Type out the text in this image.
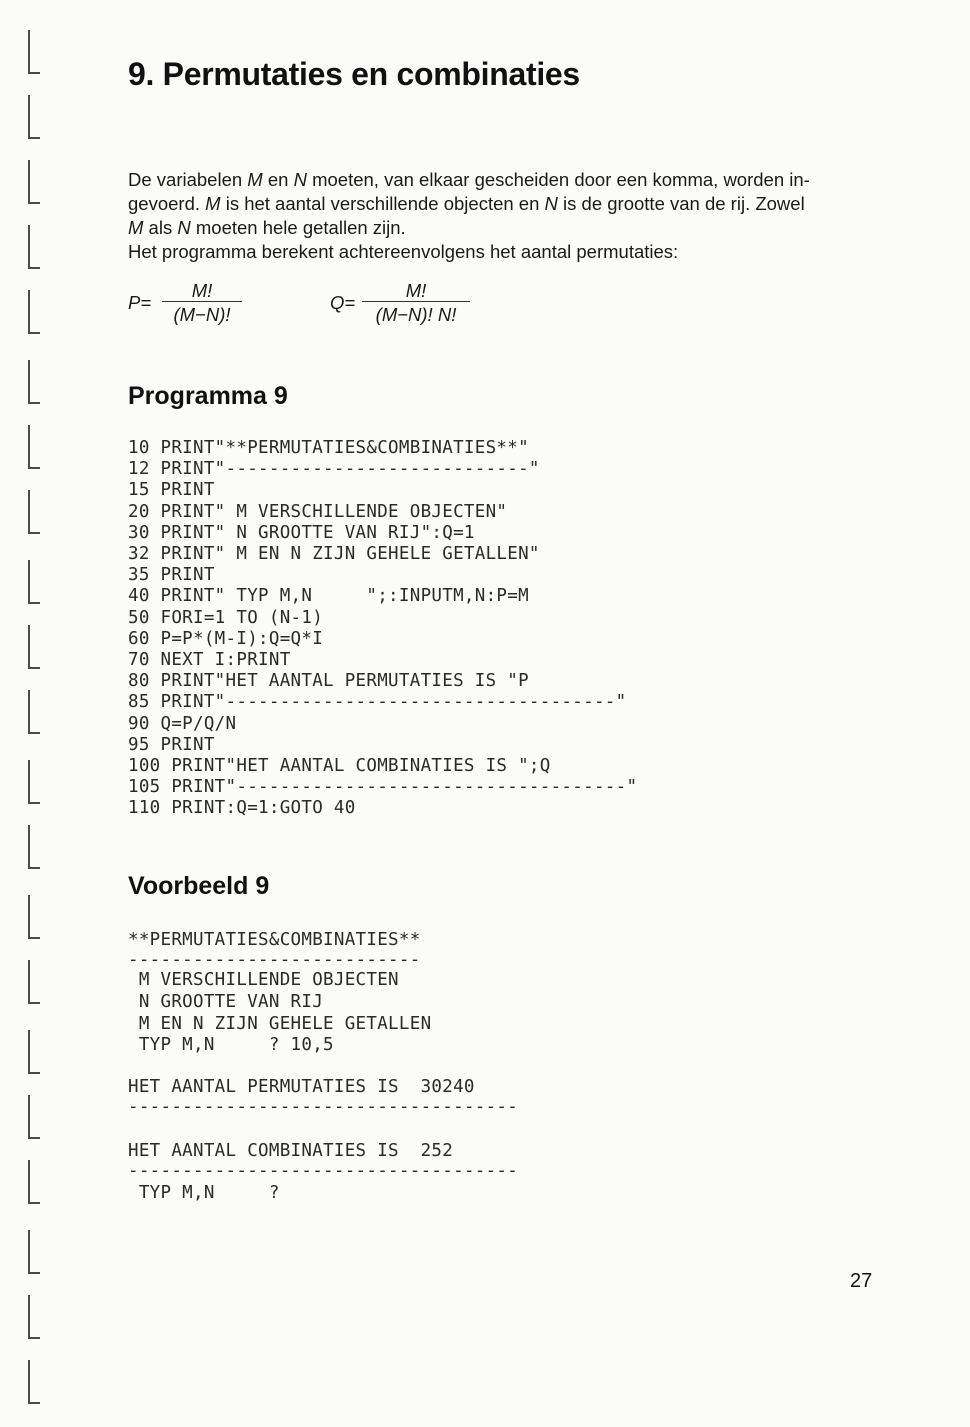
9. Permutaties en combinaties

De variabelen M en N moeten, van elkaar gescheiden door een komma, worden in-

gevoerd. M is het aantal verschillende objecten en N is de grootte van de rij. Zowel

M als N moeten hele getallen zijn.

Het programma berekent achtereenvolgens het aantal permutaties:

P=
M!
(M−N)!
Q=
M!
(M−N)! N!
Programma 9
10 PRINT"**PERMUTATIES&COMBINATIES**"
12 PRINT"----------------------------"
15 PRINT
20 PRINT" M VERSCHILLENDE OBJECTEN"
30 PRINT" N GROOTTE VAN RIJ":Q=1
32 PRINT" M EN N ZIJN GEHELE GETALLEN"
35 PRINT
40 PRINT" TYP M,N     ";:INPUTM,N:P=M
50 FORI=1 TO (N-1)
60 P=P*(M-I):Q=Q*I
70 NEXT I:PRINT
80 PRINT"HET AANTAL PERMUTATIES IS "P
85 PRINT"------------------------------------"
90 Q=P/Q/N
95 PRINT
100 PRINT"HET AANTAL COMBINATIES IS ";Q
105 PRINT"------------------------------------"
110 PRINT:Q=1:GOTO 40
Voorbeeld 9
**PERMUTATIES&COMBINATIES**
---------------------------
M VERSCHILLENDE OBJECTEN
N GROOTTE VAN RIJ
M EN N ZIJN GEHELE GETALLEN
TYP M,N     ? 10,5
HET AANTAL PERMUTATIES IS  30240
------------------------------------
HET AANTAL COMBINATIES IS  252
------------------------------------
TYP M,N     ?
27
